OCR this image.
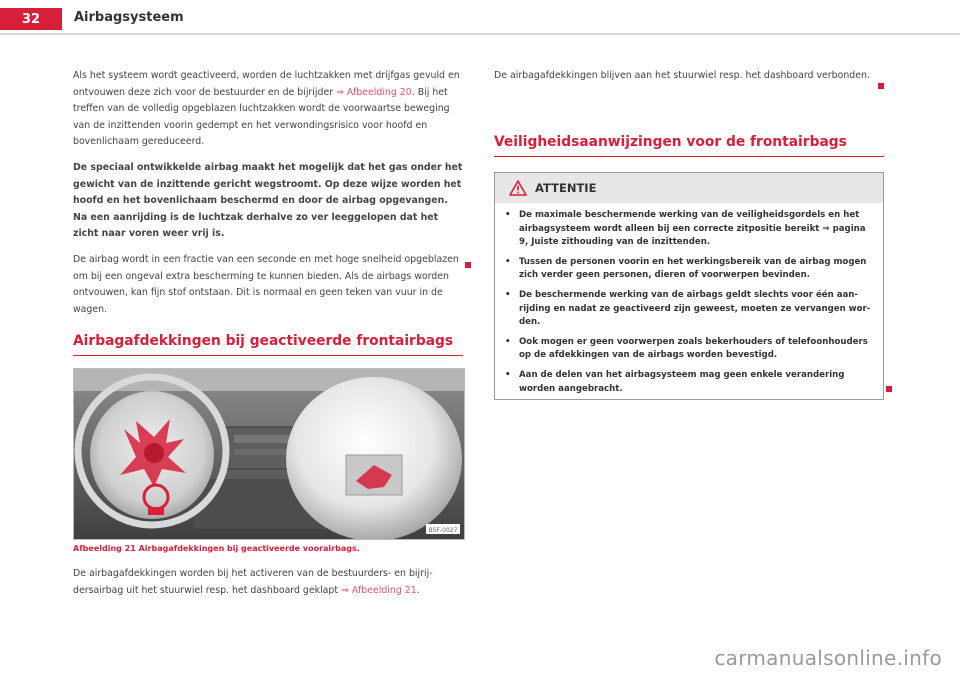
32	Airbagsysteem

Als het systeem wordt geactiveerd, worden de luchtzakken met drijfgas gevuld en ontvouwen deze zich voor de bestuurder en de bijrijder ⇒ Afbeelding 20. Bij het treffen van de volledig opgeblazen luchtzakken wordt de voorwaartse beweging van de inzittenden voorin gedempt en het verwondingsrisico voor hoofd en bovenlichaam gereduceerd.

De speciaal ontwikkelde airbag maakt het mogelijk dat het gas onder het gewicht van de inzittende gericht wegstroomt. Op deze wijze worden het hoofd en het bovenlichaam beschermd en door de airbag opgevangen. Na een aanrijding is de luchtzak derhalve zo ver leeggelopen dat het zicht naar voren weer vrij is.

De airbag wordt in een fractie van een seconde en met hoge snelheid opgeblazen om bij een ongeval extra bescherming te kunnen bieden. Als de airbags worden ontvouwen, kan fijn stof ontstaan. Dit is normaal en geen teken van vuur in de wagen.

Airbagafdekkingen bij geactiveerde frontairbags
B5F-0027
Afbeelding 21 Airbagafdekkingen bij geactiveerde voorairbags.
De airbagafdekkingen worden bij het activeren van de bestuurders- en bijrijdersairbag uit het stuurwiel resp. het dashboard geklapt ⇒ Afbeelding 21.

De airbagafdekkingen blijven aan het stuurwiel resp. het dashboard verbonden.

Veiligheidsaanwijzingen voor de frontairbags
ATTENTIE
• De maximale beschermende werking van de veiligheidsgordels en het airbagsysteem wordt alleen bij een correcte zitpositie bereikt ⇒ pagina 9, Juiste zithouding van de inzittenden.
• Tussen de personen voorin en het werkingsbereik van de airbag mogen zich verder geen personen, dieren of voorwerpen bevinden.
• De beschermende werking van de airbags geldt slechts voor één aanrijding en nadat ze geactiveerd zijn geweest, moeten ze vervangen worden.
• Ook mogen er geen voorwerpen zoals bekerhouders of telefoonhouders op de afdekkingen van de airbags worden bevestigd.
• Aan de delen van het airbagsysteem mag geen enkele verandering worden aangebracht.
carmanualsonline.info
